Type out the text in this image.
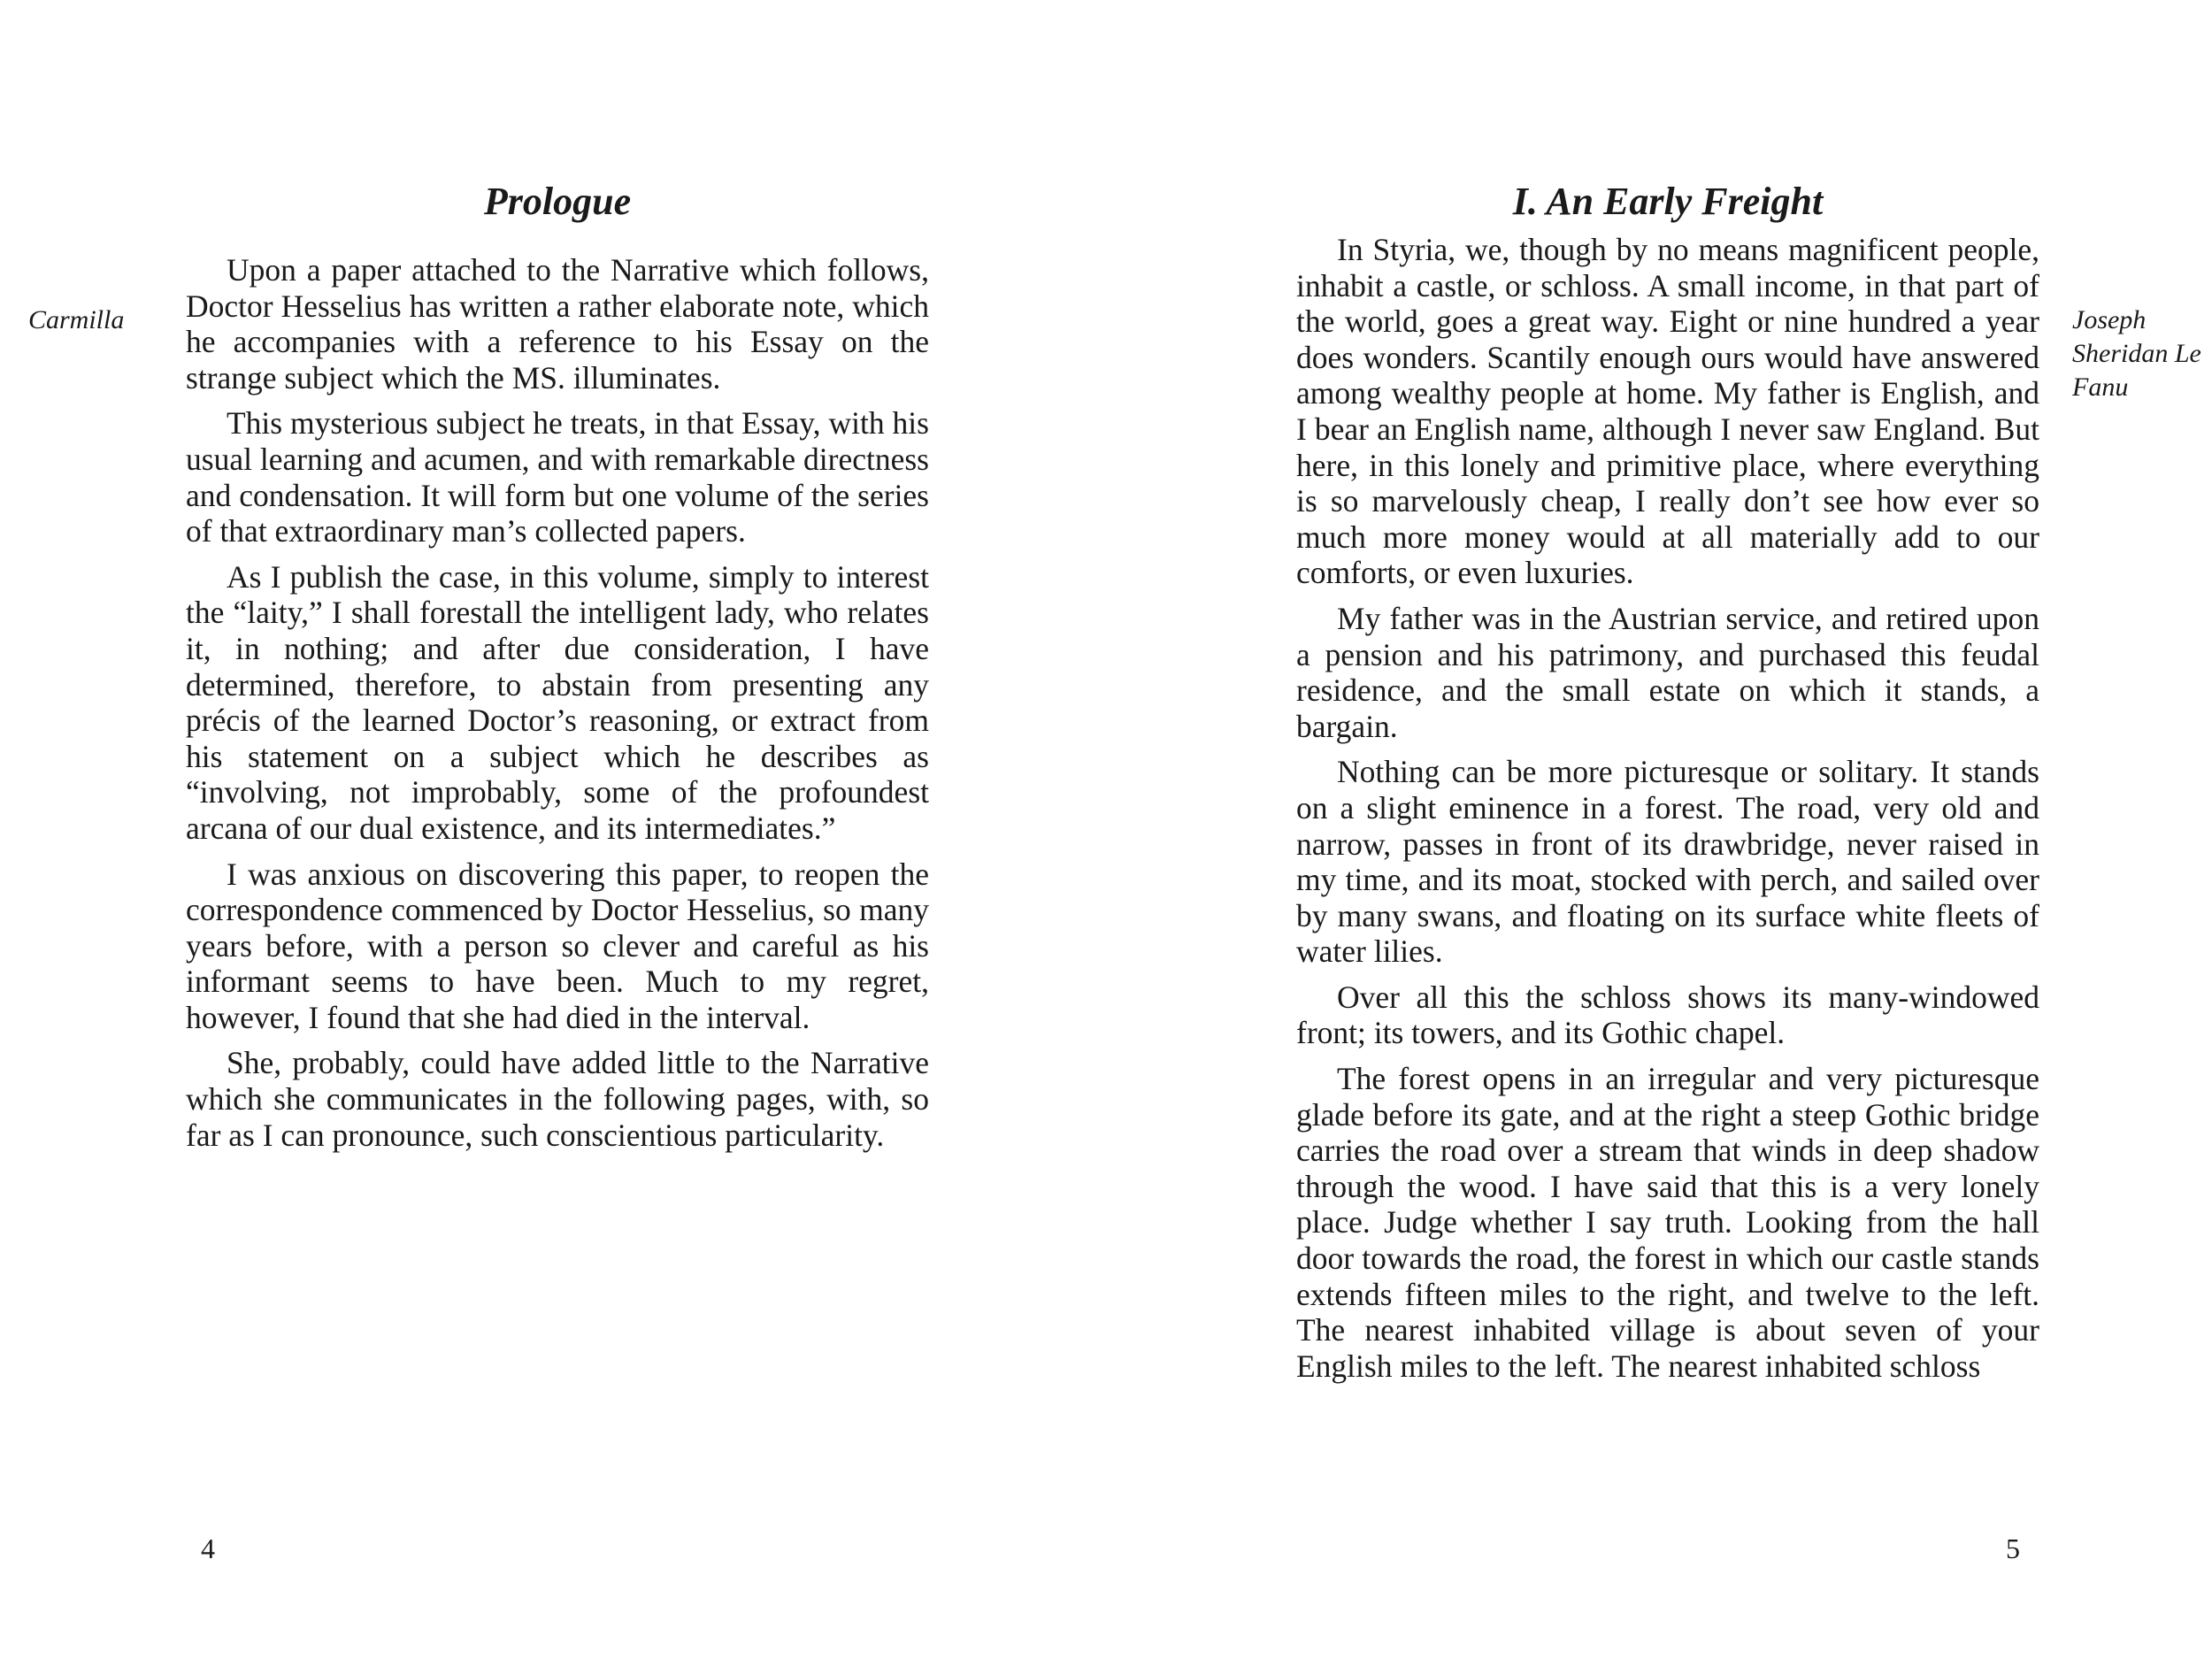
Carmilla
Prologue

Upon a paper attached to the Narrative which follows, Doctor Hesselius has written a rather elaborate note, which he accompanies with a reference to his Essay on the strange subject which the MS. illuminates.

This mysterious subject he treats, in that Essay, with his usual learning and acumen, and with remarkable directness and condensation. It will form but one volume of the series of that extraordinary man’s collected papers.

As I publish the case, in this volume, simply to interest the “laity,” I shall forestall the intelligent lady, who relates it, in nothing; and after due consideration, I have determined, therefore, to abstain from presenting any précis of the learned Doctor’s reasoning, or extract from his statement on a subject which he describes as “involving, not improbably, some of the profoundest arcana of our dual existence, and its intermediates.”

I was anxious on discovering this paper, to reopen the correspondence commenced by Doctor Hesselius, so many years before, with a person so clever and careful as his informant seems to have been. Much to my regret, however, I found that she had died in the interval.

She, probably, could have added little to the Narrative which she communicates in the following pages, with, so far as I can pronounce, such conscientious particularity.

4
I. An Early Freight

In Styria, we, though by no means magnificent people, inhabit a castle, or schloss. A small income, in that part of the world, goes a great way. Eight or nine hundred a year does wonders. Scantily enough ours would have answered among wealthy people at home. My father is English, and I bear an English name, although I never saw England. But here, in this lonely and primitive place, where everything is so marvelously cheap, I really don’t see how ever so much more money would at all materially add to our comforts, or even luxuries.

My father was in the Austrian service, and retired upon a pension and his patrimony, and purchased this feudal residence, and the small estate on which it stands, a bargain.

Nothing can be more picturesque or solitary. It stands on a slight eminence in a forest. The road, very old and narrow, passes in front of its drawbridge, never raised in my time, and its moat, stocked with perch, and sailed over by many swans, and floating on its surface white fleets of water lilies.

Over all this the schloss shows its many-windowed front; its towers, and its Gothic chapel.

The forest opens in an irregular and very picturesque glade before its gate, and at the right a steep Gothic bridge carries the road over a stream that winds in deep shadow through the wood. I have said that this is a very lonely place. Judge whether I say truth. Looking from the hall door towards the road, the forest in which our castle stands extends fifteen miles to the right, and twelve to the left. The nearest inhabited village is about seven of your English miles to the left. The nearest inhabited schloss

Joseph Sheridan Le Fanu
5
